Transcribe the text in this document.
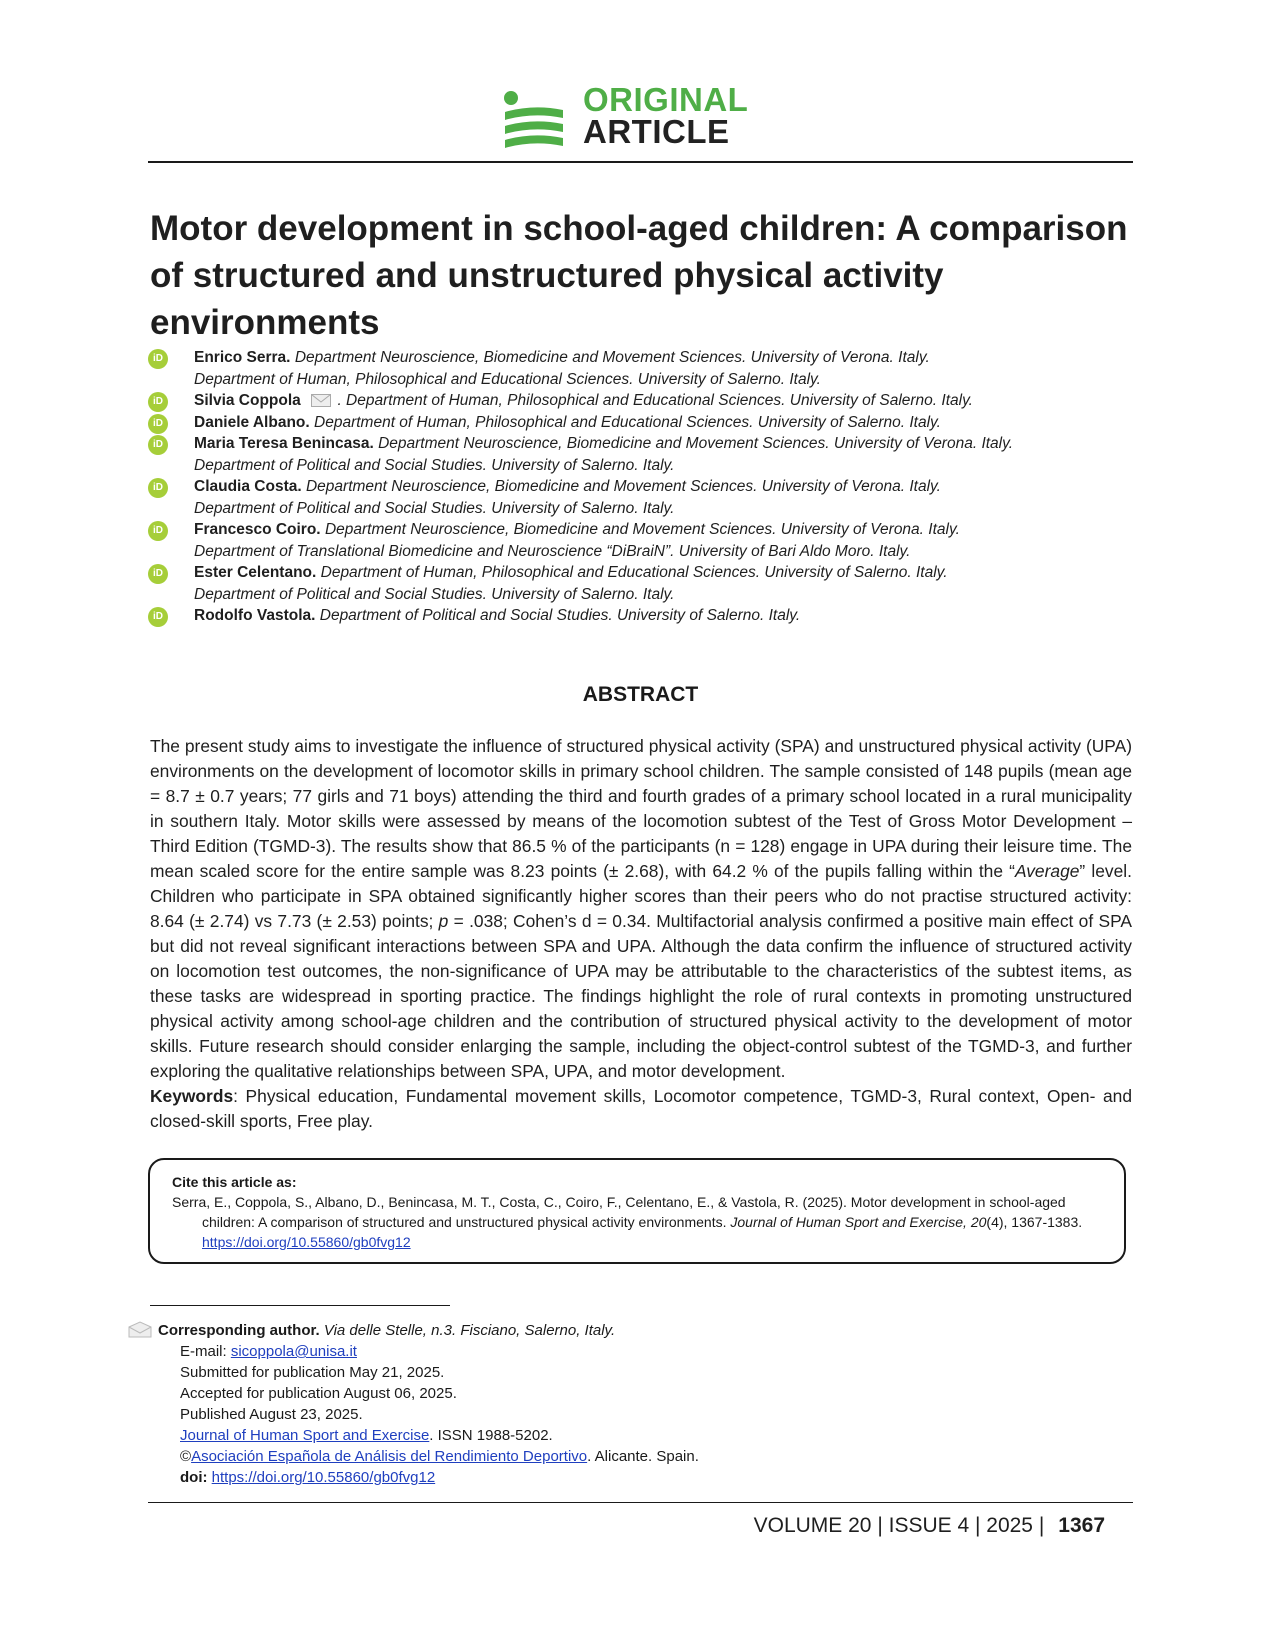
ORIGINAL
ARTICLE
Motor development in school-aged children: A comparison of structured and unstructured physical activity environments
iD	Enrico Serra. Department Neuroscience, Biomedicine and Movement Sciences. University of Verona. Italy.
Department of Human, Philosophical and Educational Sciences. University of Salerno. Italy.
iD	Silvia Coppola . Department of Human, Philosophical and Educational Sciences. University of Salerno. Italy.
iD	Daniele Albano. Department of Human, Philosophical and Educational Sciences. University of Salerno. Italy.
iD	Maria Teresa Benincasa. Department Neuroscience, Biomedicine and Movement Sciences. University of Verona. Italy.
Department of Political and Social Studies. University of Salerno. Italy.
iD	Claudia Costa. Department Neuroscience, Biomedicine and Movement Sciences. University of Verona. Italy.
Department of Political and Social Studies. University of Salerno. Italy.
iD	Francesco Coiro. Department Neuroscience, Biomedicine and Movement Sciences. University of Verona. Italy.
Department of Translational Biomedicine and Neuroscience “DiBraiN”. University of Bari Aldo Moro. Italy.
iD	Ester Celentano. Department of Human, Philosophical and Educational Sciences. University of Salerno. Italy.
Department of Political and Social Studies. University of Salerno. Italy.
iD	Rodolfo Vastola. Department of Political and Social Studies. University of Salerno. Italy.
ABSTRACT

The present study aims to investigate the influence of structured physical activity (SPA) and unstructured physical activity (UPA) environments on the development of locomotor skills in primary school children. The sample consisted of 148 pupils (mean age = 8.7 ± 0.7 years; 77 girls and 71 boys) attending the third and fourth grades of a primary school located in a rural municipality in southern Italy. Motor skills were assessed by means of the locomotion subtest of the Test of Gross Motor Development – Third Edition (TGMD-3). The results show that 86.5 % of the participants (n = 128) engage in UPA during their leisure time. The mean scaled score for the entire sample was 8.23 points (± 2.68), with 64.2 % of the pupils falling within the “Average” level. Children who participate in SPA obtained significantly higher scores than their peers who do not practise structured activity: 8.64 (± 2.74) vs 7.73 (± 2.53) points; p = .038; Cohen’s d = 0.34. Multifactorial analysis confirmed a positive main effect of SPA but did not reveal significant interactions between SPA and UPA. Although the data confirm the influence of structured activity on locomotion test outcomes, the non-significance of UPA may be attributable to the characteristics of the subtest items, as these tasks are widespread in sporting practice. The findings highlight the role of rural contexts in promoting unstructured physical activity among school-age children and the contribution of structured physical activity to the development of motor skills. Future research should consider enlarging the sample, including the object-control subtest of the TGMD-3, and further exploring the qualitative relationships between SPA, UPA, and motor development.
Keywords: Physical education, Fundamental movement skills, Locomotor competence, TGMD-3, Rural context, Open- and closed-skill sports, Free play.

Cite this article as:
Serra, E., Coppola, S., Albano, D., Benincasa, M. T., Costa, C., Coiro, F., Celentano, E., & Vastola, R. (2025). Motor development in school-aged children: A comparison of structured and unstructured physical activity environments. Journal of Human Sport and Exercise, 20(4), 1367-1383.
https://doi.org/10.55860/gb0fvg12
Corresponding author. Via delle Stelle, n.3. Fisciano, Salerno, Italy.
E-mail: sicoppola@unisa.it
Submitted for publication May 21, 2025.
Accepted for publication August 06, 2025.
Published August 23, 2025.
Journal of Human Sport and Exercise. ISSN 1988-5202.
©Asociación Española de Análisis del Rendimiento Deportivo. Alicante. Spain.
doi: https://doi.org/10.55860/gb0fvg12
VOLUME 20 | ISSUE 4 | 2025 | 1367
